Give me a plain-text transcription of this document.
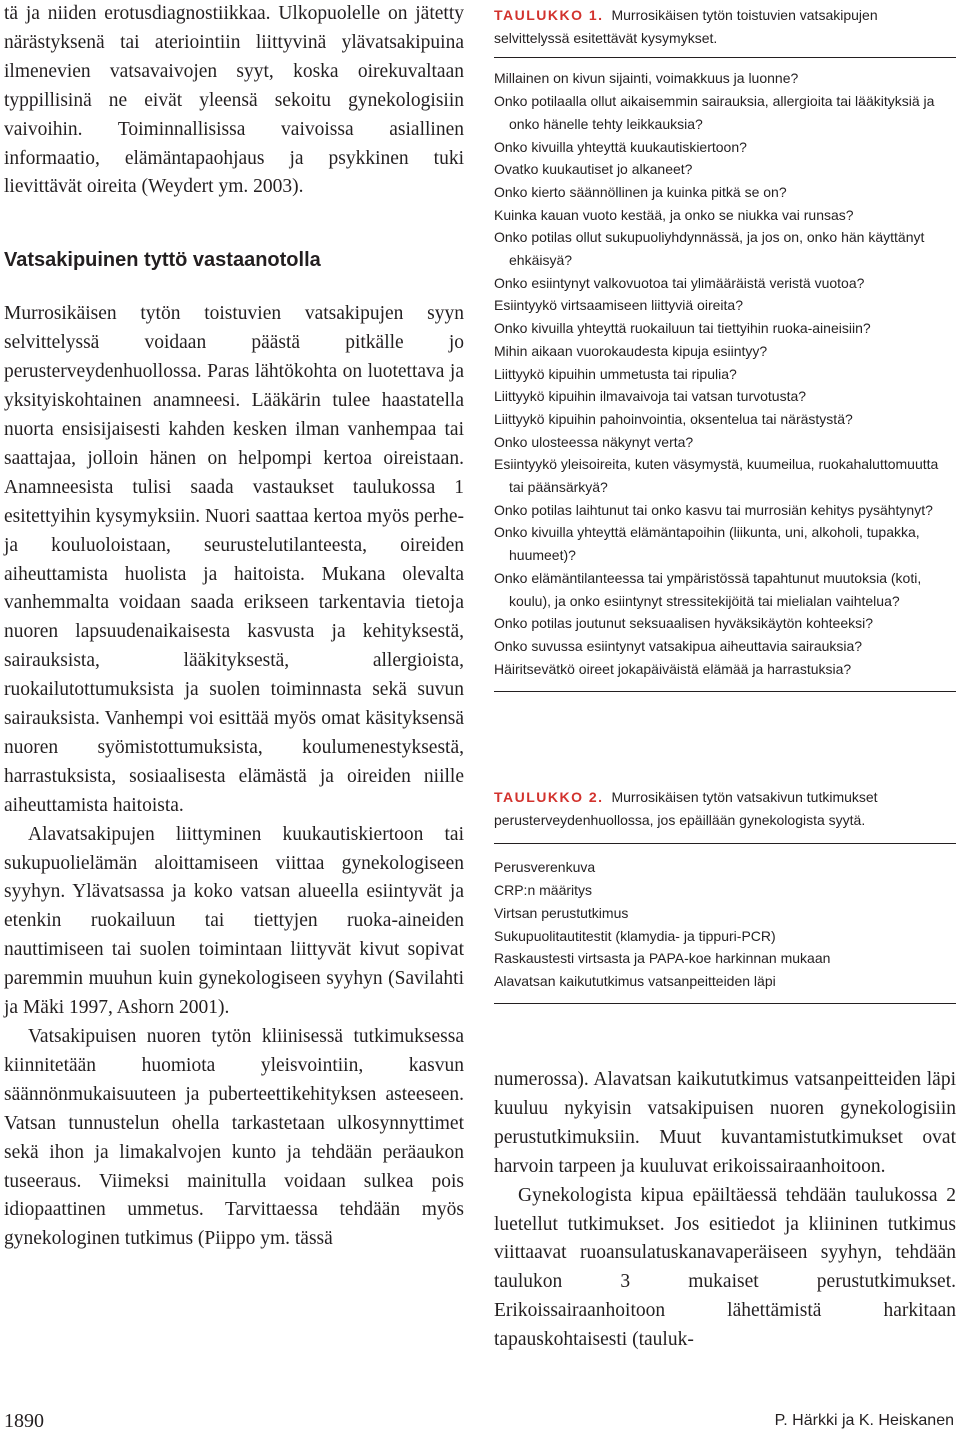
tä ja niiden erotusdiagnostiikkaa. Ulkopuolelle on jätetty närästyksenä tai ateriointiin liittyvinä ylävatsakipuina ilmenevien vatsavaivojen syyt, koska oirekuvaltaan typpillisinä ne eivät yleensä sekoitu gynekologisiin vaivoihin. Toiminnallisissa vaivoissa asiallinen informaatio, elämäntapaohjaus ja psykkinen tuki lievittävät oireita (Weydert ym. 2003).

Vatsakipuinen tyttö vastaanotolla

Murrosikäisen tytön toistuvien vatsakipujen syyn selvittelyssä voidaan päästä pitkälle jo perusterveydenhuollossa. Paras lähtökohta on luotettava ja yksityiskohtainen anamneesi. Lääkärin tulee haastatella nuorta ensisijaisesti kahden kesken ilman vanhempaa tai saattajaa, jolloin hänen on helpompi kertoa oireistaan. Anamneesista tulisi saada vastaukset taulukossa 1 esitettyihin kysymyksiin. Nuori saattaa kertoa myös perhe- ja kouluoloistaan, seurustelutilanteesta, oireiden aiheuttamista huolista ja haitoista. Mukana olevalta vanhemmalta voidaan saada erikseen tarkentavia tietoja nuoren lapsuudenaikaisesta kasvusta ja kehityksestä, sairauksista, lääkityksestä, allergioista, ruokailutottumuksista ja suolen toiminnasta sekä suvun sairauksista. Vanhempi voi esittää myös omat käsityksensä nuoren syömistottumuksista, koulumenestyksestä, harrastuksista, sosiaalisesta elämästä ja oireiden niille aiheuttamista haitoista.

Alavatsakipujen liittyminen kuukautiskiertoon tai sukupuolielämän aloittamiseen viittaa gynekologiseen syyhyn. Ylävatsassa ja koko vatsan alueella esiintyvät ja etenkin ruokailuun tai tiettyjen ruoka-aineiden nauttimiseen tai suolen toimintaan liittyvät kivut sopivat paremmin muuhun kuin gynekologiseen syyhyn (Savilahti ja Mäki 1997, Ashorn 2001).

Vatsakipuisen nuoren tytön kliinisessä tutkimuksessa kiinnitetään huomiota yleisvointiin, kasvun säännönmukaisuuteen ja puberteettikehityksen asteeseen. Vatsan tunnustelun ohella tarkastetaan ulkosynnyttimet sekä ihon ja limakalvojen kunto ja tehdään peräaukon tuseeraus. Viimeksi mainitulla voidaan sulkea pois idiopaattinen ummetus. Tarvittaessa tehdään myös gynekologinen tutkimus (Piippo ym. tässä

TAULUKKO 1. Murrosikäisen tytön toistuvien vatsakipujen selvittelyssä esitettävät kysymykset.

Millainen on kivun sijainti, voimakkuus ja luonne?

Onko potilaalla ollut aikaisemmin sairauksia, allergioita tai lääkityksiä ja onko hänelle tehty leikkauksia?

Onko kivuilla yhteyttä kuukautiskiertoon?

Ovatko kuukautiset jo alkaneet?

Onko kierto säännöllinen ja kuinka pitkä se on?

Kuinka kauan vuoto kestää, ja onko se niukka vai runsas?

Onko potilas ollut sukupuoliyhdynnässä, ja jos on, onko hän käyttänyt ehkäisyä?

Onko esiintynyt valkovuotoa tai ylimääräistä veristä vuotoa?

Esiintyykö virtsaamiseen liittyviä oireita?

Onko kivuilla yhteyttä ruokailuun tai tiettyihin ruoka-aineisiin?

Mihin aikaan vuorokaudesta kipuja esiintyy?

Liittyykö kipuihin ummetusta tai ripulia?

Liittyykö kipuihin ilmavaivoja tai vatsan turvotusta?

Liittyykö kipuihin pahoinvointia, oksentelua tai närästystä?

Onko ulosteessa näkynyt verta?

Esiintyykö yleisoireita, kuten väsymystä, kuumeilua, ruokahaluttomuutta tai päänsärkyä?

Onko potilas laihtunut tai onko kasvu tai murrosiän kehitys pysähtynyt?

Onko kivuilla yhteyttä elämäntapoihin (liikunta, uni, alkoholi, tupakka, huumeet)?

Onko elämäntilanteessa tai ympäristössä tapahtunut muutoksia (koti, koulu), ja onko esiintynyt stressitekijöitä tai mielialan vaihtelua?

Onko potilas joutunut seksuaalisen hyväksikäytön kohteeksi?

Onko suvussa esiintynyt vatsakipua aiheuttavia sairauksia?

Häiritsevätkö oireet jokapäiväistä elämää ja harrastuksia?

TAULUKKO 2. Murrosikäisen tytön vatsakivun tutkimukset perusterveydenhuollossa, jos epäillään gynekologista syytä.

Perusverenkuva

CRP:n määritys

Virtsan perustutkimus

Sukupuolitautitestit (klamydia- ja tippuri-PCR)

Raskaustesti virtsasta ja PAPA-koe harkinnan mukaan

Alavatsan kaikututkimus vatsanpeitteiden läpi

numerossa). Alavatsan kaikututkimus vatsanpeitteiden läpi kuuluu nykyisin vatsakipuisen nuoren gynekologisiin perustutkimuksiin. Muut kuvantamistutkimukset ovat harvoin tarpeen ja kuuluvat erikoissairaanhoitoon.

Gynekologista kipua epäiltäessä tehdään taulukossa 2 luetellut tutkimukset. Jos esitiedot ja kliininen tutkimus viittaavat ruoansulatuskanavaperäiseen syyhyn, tehdään taulukon 3 mukaiset perustutkimukset. Erikoissairaanhoitoon lähettämistä harkitaan tapauskohtaisesti (tauluk-

1890	P. Härkki ja K. Heiskanen
